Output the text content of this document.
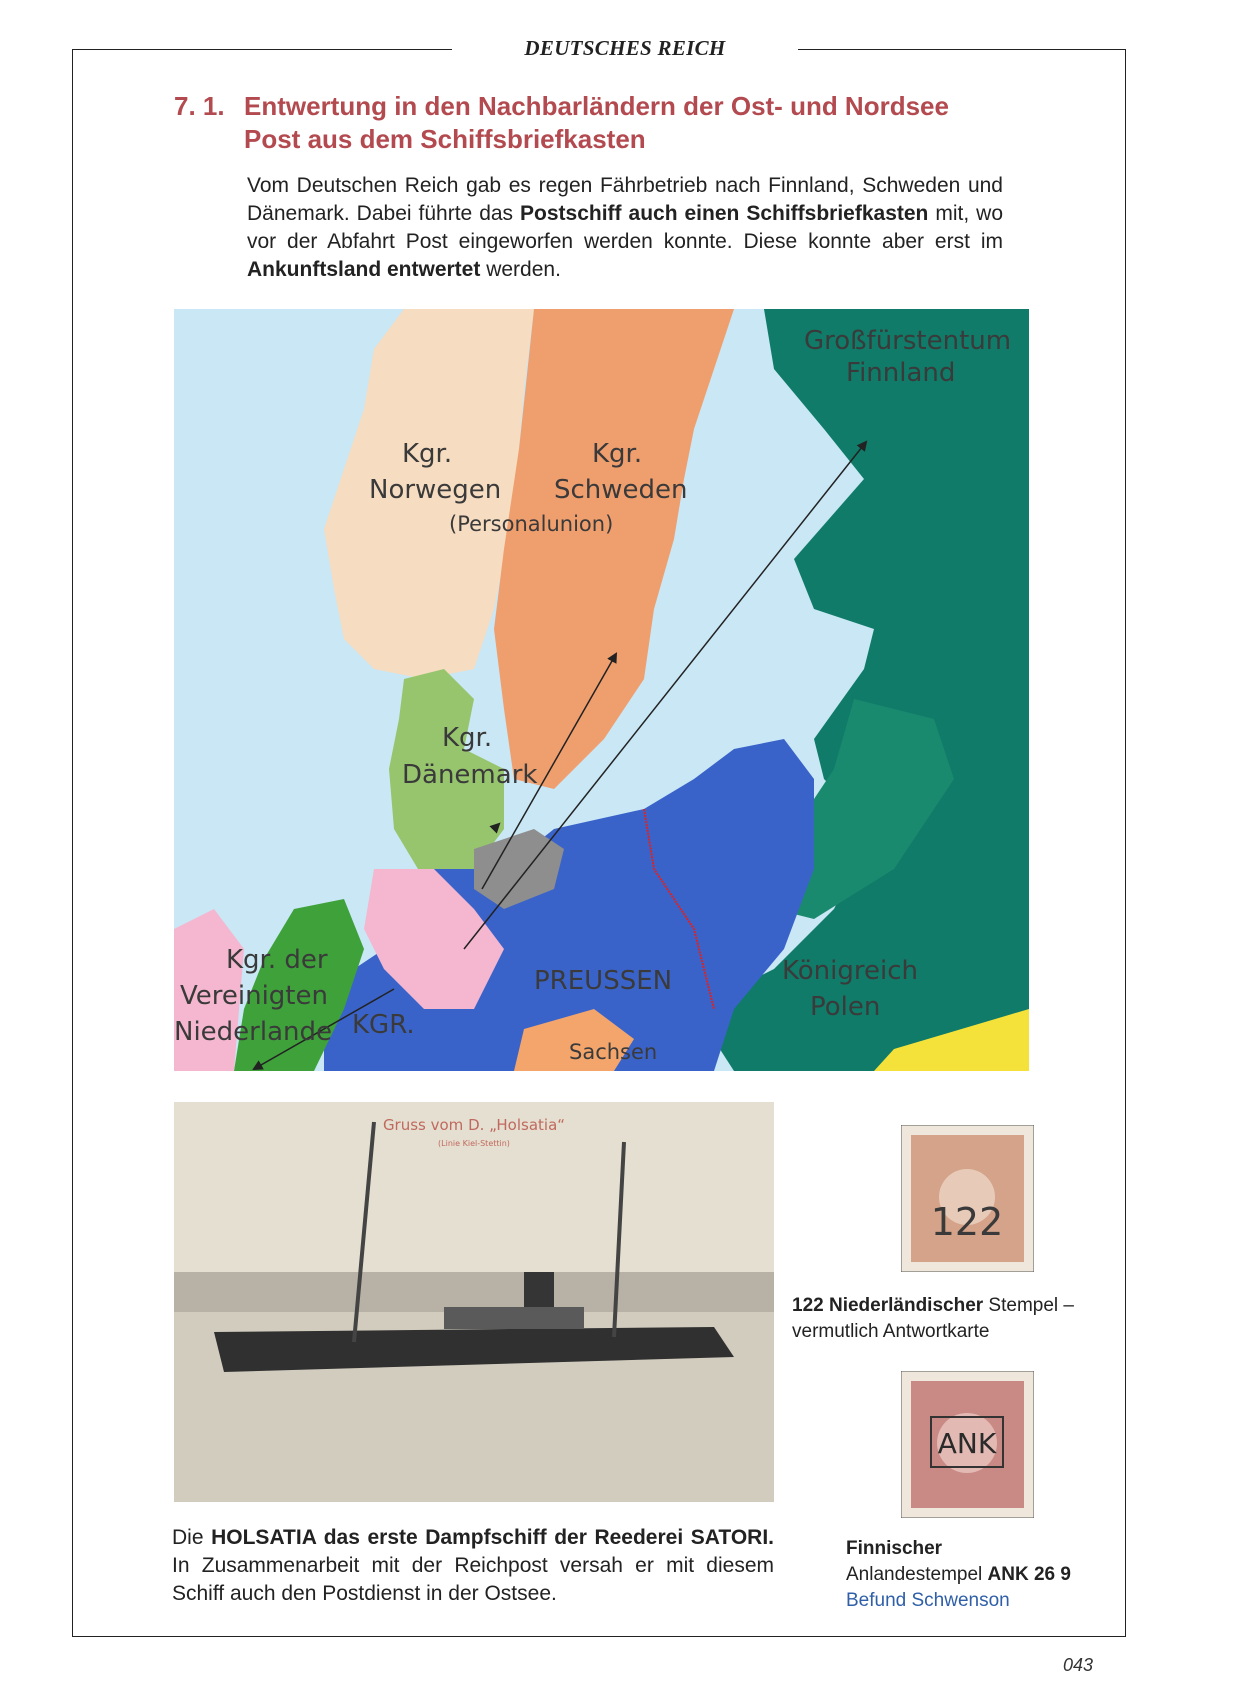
DEUTSCHES REICH
7. 1. Entwertung in den Nachbarländern der Ost- und Nordsee
Post aus dem Schiffsbriefkasten
Vom Deutschen Reich gab es regen Fährbetrieb nach Finnland, Schweden und Dänemark. Dabei führte das Postschiff auch einen Schiffsbriefkasten mit, wo vor der Abfahrt Post eingeworfen werden konnte. Diese konnte aber erst im Ankunftsland entwertet werden.
Großfürstentum
Finnland
Kgr.
Norwegen
Kgr.
Schweden
(Personalunion)
Kgr.
Dänemark
Kgr. der
Vereinigten
Niederlande
PREUSSEN	Königreich
Polen
KGR.
Sachsen
Gruss vom D. „Holsatia“
(Linie Kiel-Stettin)
122
ANK
122 Niederländischer Stempel – vermutlich Antwortkarte
Finnischer Anlandestempel ANK 26 9
Befund Schwenson
Die HOLSATIA das erste Dampfschiff der Reederei SATORI. In Zusammenarbeit mit der Reichpost versah er mit diesem Schiff auch den Postdienst in der Ostsee.
043
